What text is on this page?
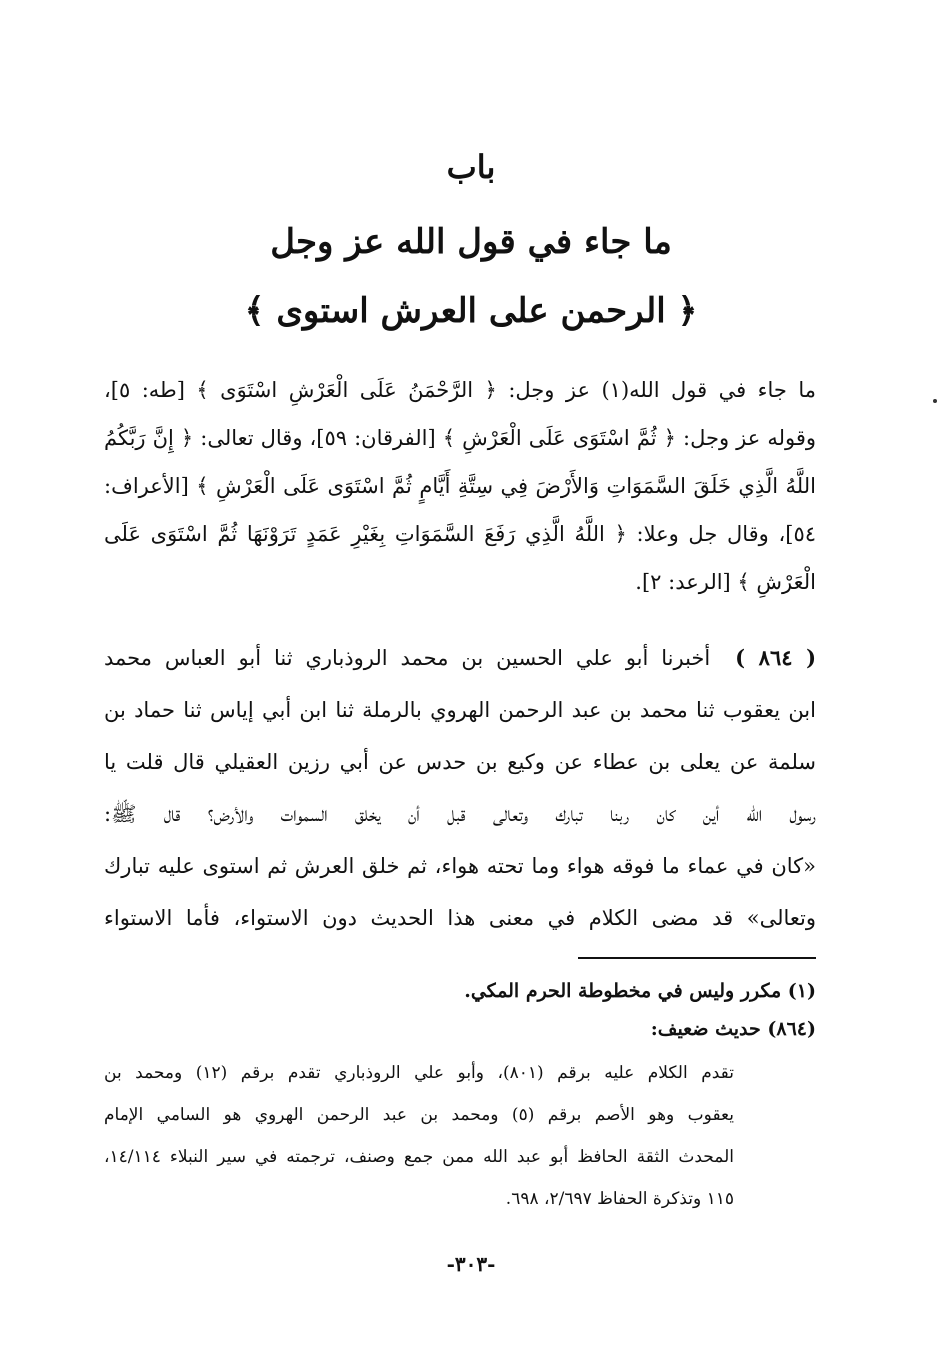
باب
ما جاء في قول الله عز وجل
﴿ الرحمن على العرش استوى ﴾
ما جاء في قول الله(١) عز وجل: ﴿ الرَّحْمَنُ عَلَى الْعَرْشِ اسْتَوَى ﴾ [طه: ٥]،
وقوله عز وجل: ﴿ ثُمَّ اسْتَوَى عَلَى الْعَرْشِ ﴾ [الفرقان: ٥٩]، وقال تعالى: ﴿ إِنَّ رَبَّكُمُ
اللَّهُ الَّذِي خَلَقَ السَّمَوَاتِ وَالأَرْضَ فِي سِتَّةِ أَيَّامٍ ثُمَّ اسْتَوَى عَلَى الْعَرْشِ ﴾ [الأعراف:
٥٤]، وقال جل وعلا: ﴿ اللَّهُ الَّذِي رَفَعَ السَّمَوَاتِ بِغَيْرِ عَمَدٍ تَرَوْنَهَا ثُمَّ اسْتَوَى عَلَى
الْعَرْشِ ﴾ [الرعد: ٢].
( ٨٦٤ ) أخبرنا أبو علي الحسين بن محمد الروذباري ثنا أبو العباس محمد
ابن يعقوب ثنا محمد بن عبد الرحمن الهروي بالرملة ثنا ابن أبي إياس ثنا حماد بن
سلمة عن يعلى بن عطاء عن وكيع بن حدس عن أبي رزين العقيلي قال قلت يا
رسول الله أين كان ربنا تبارك وتعالى قبل أن يخلق السموات والأرض؟ قال ﷺ:
«كان في عماء ما فوقه هواء وما تحته هواء، ثم خلق العرش ثم استوى عليه تبارك
وتعالى» قد مضى الكلام في معنى هذا الحديث دون الاستواء، فأما الاستواء
(١) مكرر وليس في مخطوطة الحرم المكي.
(٨٦٤) حديث ضعيف:
تقدم الكلام عليه برقم (٨٠١)، وأبو علي الروذباري تقدم برقم (١٢) ومحمد بن
يعقوب وهو الأصم برقم (٥) ومحمد بن عبد الرحمن الهروي هو السامي الإمام
المحدث الثقة الحافظ أبو عبد الله ممن جمع وصنف، ترجمته في سير النبلاء ١٤/١١٤،
١١٥ وتذكرة الحفاظ ٢/٦٩٧، ٦٩٨.
-٣٠٣-
